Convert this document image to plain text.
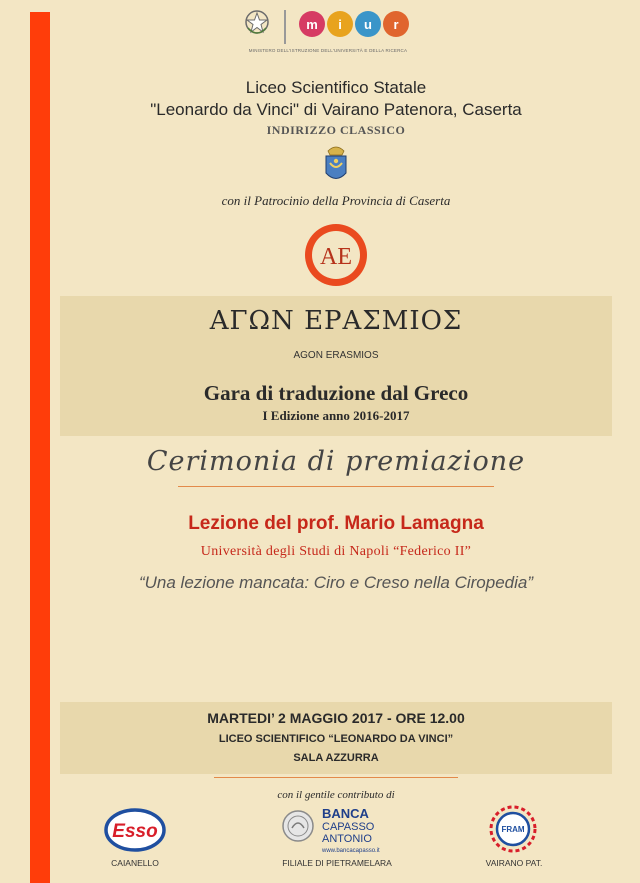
m i u r
MINISTERO DELL'ISTRUZIONE DELL'UNIVERSITÀ E DELLA RICERCA
Liceo Scientifico Statale
"Leonardo da Vinci" di Vairano Patenora, Caserta
INDIRIZZO CLASSICO
con il Patrocinio della Provincia di Caserta
AE
ΑΓΩΝ ΕΡΑΣΜΙΟΣ
AGON ERASMIOS
Gara di traduzione dal Greco
I Edizione anno 2016-2017
Cerimonia di premiazione
Lezione del prof. Mario Lamagna
Università degli Studi di Napoli “Federico II”
“Una lezione mancata: Ciro e Creso nella Ciropedia”
MARTEDI’ 2 MAGGIO 2017 - ORE 12.00
LICEO SCIENTIFICO “LEONARDO DA VINCI”
SALA AZZURRA
con il gentile contributo di
Esso
CAIANELLO
BANCA
CAPASSO
ANTONIO
www.bancacapasso.it
FILIALE DI PIETRAMELARA
FRAM
VAIRANO PAT.
